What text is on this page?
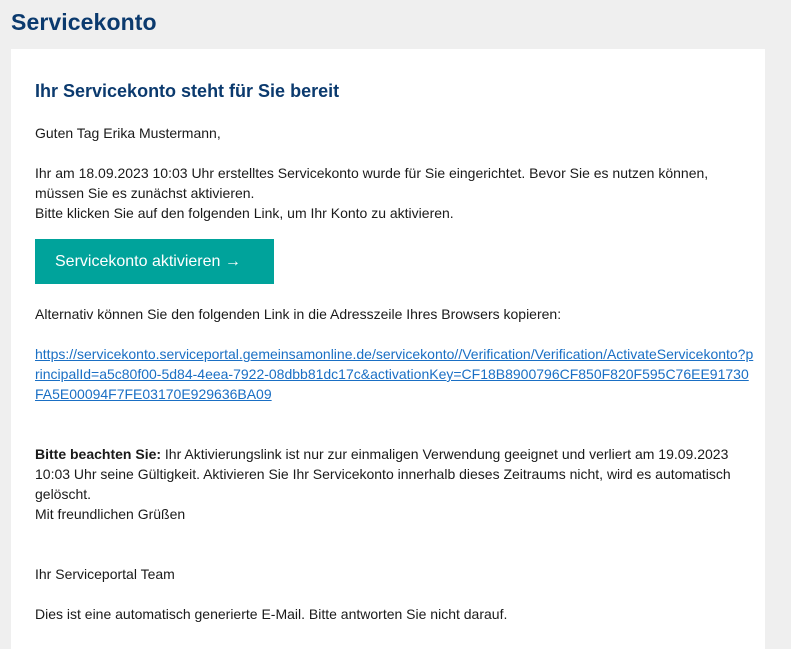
Servicekonto
Ihr Servicekonto steht für Sie bereit

Guten Tag Erika Mustermann,

Ihr am 18.09.2023 10:03 Uhr erstelltes Servicekonto wurde für Sie eingerichtet. Bevor Sie es nutzen können, müssen Sie es zunächst aktivieren.
Bitte klicken Sie auf den folgenden Link, um Ihr Konto zu aktivieren.
Servicekonto aktivieren →

Alternativ können Sie den folgenden Link in die Adresszeile Ihres Browsers kopieren:

https://servicekonto.serviceportal.gemeinsamonline.de/servicekonto//Verification/Verification/ActivateServicekonto?principalId=a5c80f00-5d84-4eea-7922-08dbb81dc17c&activationKey=CF18B8900796CF850F820F595C76EE91730FA5E00094F7FE03170E929636BA09

Bitte beachten Sie: Ihr Aktivierungslink ist nur zur einmaligen Verwendung geeignet und verliert am 19.09.2023 10:03 Uhr seine Gültigkeit. Aktivieren Sie Ihr Servicekonto innerhalb dieses Zeitraums nicht, wird es automatisch gelöscht.

Mit freundlichen Grüßen

Ihr Serviceportal Team

Dies ist eine automatisch generierte E-Mail. Bitte antworten Sie nicht darauf.
